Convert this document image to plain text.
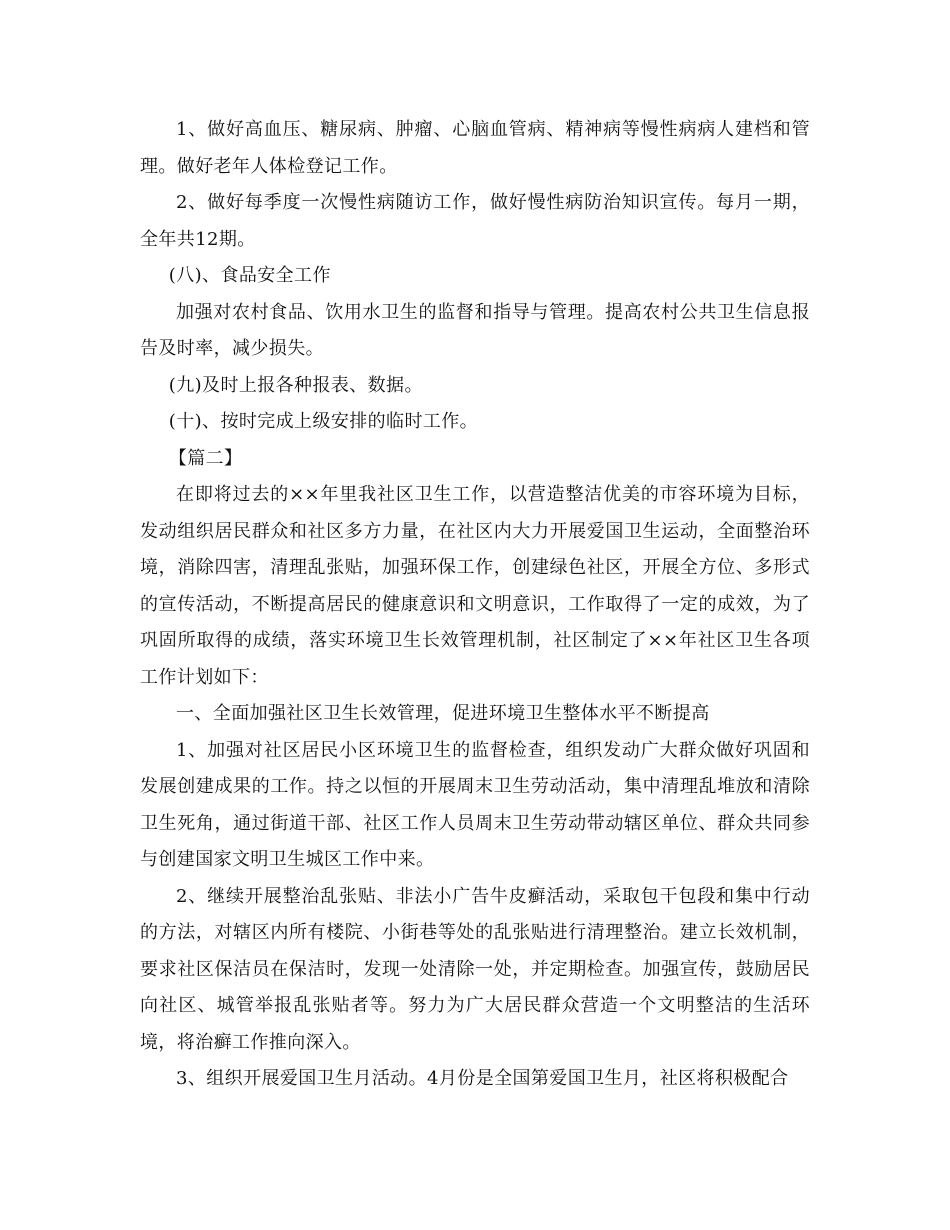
1、做好高血压、糖尿病、肿瘤、心脑血管病、精神病等慢性病病人建档和管理。做好老年人体检登记工作。

2、做好每季度一次慢性病随访工作，做好慢性病防治知识宣传。每月一期，全年共12期。

(八)、食品安全工作

加强对农村食品、饮用水卫生的监督和指导与管理。提高农村公共卫生信息报告及时率，减少损失。

(九)及时上报各种报表、数据。

(十)、按时完成上级安排的临时工作。

【篇二】

在即将过去的××年里我社区卫生工作，以营造整洁优美的市容环境为目标，发动组织居民群众和社区多方力量，在社区内大力开展爱国卫生运动，全面整治环境，消除四害，清理乱张贴，加强环保工作，创建绿色社区，开展全方位、多形式的宣传活动，不断提高居民的健康意识和文明意识，工作取得了一定的成效，为了巩固所取得的成绩，落实环境卫生长效管理机制，社区制定了××年社区卫生各项工作计划如下：

一、全面加强社区卫生长效管理，促进环境卫生整体水平不断提高

1、加强对社区居民小区环境卫生的监督检查，组织发动广大群众做好巩固和发展创建成果的工作。持之以恒的开展周末卫生劳动活动，集中清理乱堆放和清除卫生死角，通过街道干部、社区工作人员周末卫生劳动带动辖区单位、群众共同参与创建国家文明卫生城区工作中来。

2、继续开展整治乱张贴、非法小广告牛皮癣活动，采取包干包段和集中行动的方法，对辖区内所有楼院、小街巷等处的乱张贴进行清理整治。建立长效机制，要求社区保洁员在保洁时，发现一处清除一处，并定期检查。加强宣传，鼓励居民向社区、城管举报乱张贴者等。努力为广大居民群众营造一个文明整洁的生活环境，将治癣工作推向深入。

3、组织开展爱国卫生月活动。4月份是全国第爱国卫生月，社区将积极配合
